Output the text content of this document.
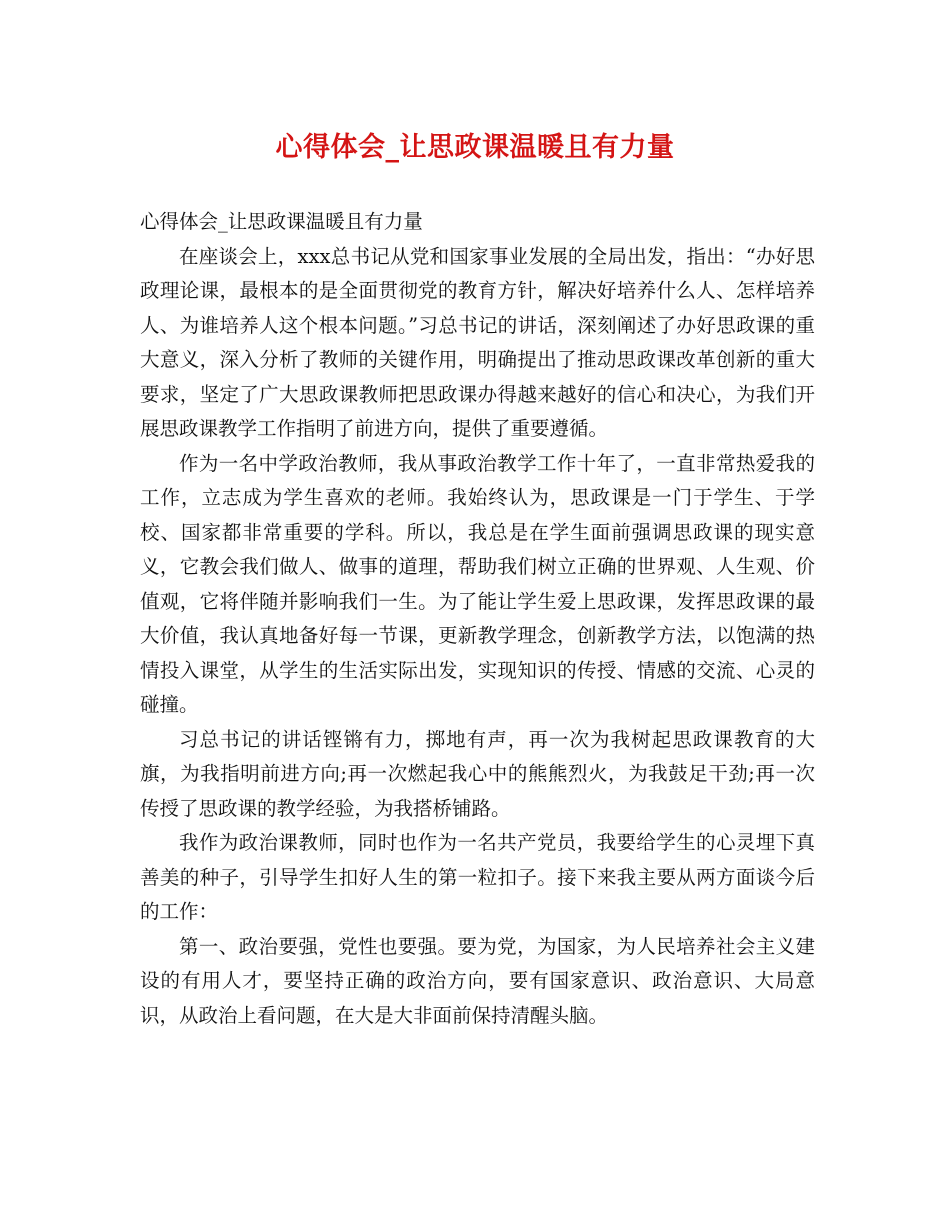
心得体会_让思政课温暖且有力量

心得体会_让思政课温暖且有力量

在座谈会上，xxx总书记从党和国家事业发展的全局出发，指出：“办好思政理论课，最根本的是全面贯彻党的教育方针，解决好培养什么人、怎样培养人、为谁培养人这个根本问题。”习总书记的讲话，深刻阐述了办好思政课的重大意义，深入分析了教师的关键作用，明确提出了推动思政课改革创新的重大要求，坚定了广大思政课教师把思政课办得越来越好的信心和决心，为我们开展思政课教学工作指明了前进方向，提供了重要遵循。

作为一名中学政治教师，我从事政治教学工作十年了，一直非常热爱我的工作，立志成为学生喜欢的老师。我始终认为，思政课是一门于学生、于学校、国家都非常重要的学科。所以，我总是在学生面前强调思政课的现实意义，它教会我们做人、做事的道理，帮助我们树立正确的世界观、人生观、价值观，它将伴随并影响我们一生。为了能让学生爱上思政课，发挥思政课的最大价值，我认真地备好每一节课，更新教学理念，创新教学方法，以饱满的热情投入课堂，从学生的生活实际出发，实现知识的传授、情感的交流、心灵的碰撞。

习总书记的讲话铿锵有力，掷地有声，再一次为我树起思政课教育的大旗，为我指明前进方向;再一次燃起我心中的熊熊烈火，为我鼓足干劲;再一次传授了思政课的教学经验，为我搭桥铺路。

我作为政治课教师，同时也作为一名共产党员，我要给学生的心灵埋下真善美的种子，引导学生扣好人生的第一粒扣子。接下来我主要从两方面谈今后的工作：

第一、政治要强，党性也要强。要为党，为国家，为人民培养社会主义建设的有用人才，要坚持正确的政治方向，要有国家意识、政治意识、大局意识，从政治上看问题，在大是大非面前保持清醒头脑。
